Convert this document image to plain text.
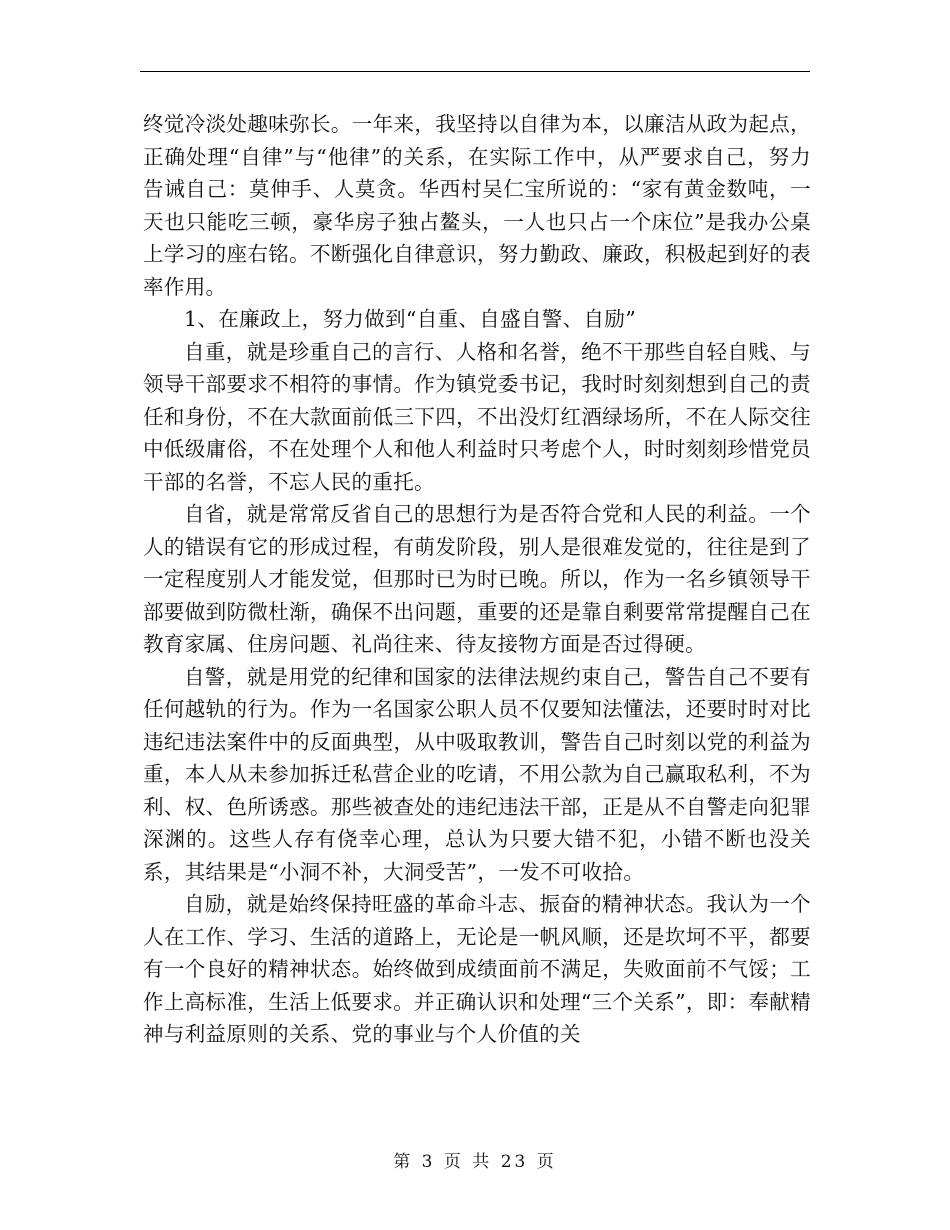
终觉冷淡处趣味弥长。一年来，我坚持以自律为本，以廉洁从政为起点，正确处理“自律”与“他律”的关系，在实际工作中，从严要求自己，努力告诫自己：莫伸手、人莫贪。华西村吴仁宝所说的：“家有黄金数吨，一天也只能吃三顿，豪华房子独占鳌头，一人也只占一个床位”是我办公桌上学习的座右铭。不断强化自律意识，努力勤政、廉政，积极起到好的表率作用。

1、在廉政上，努力做到“自重、自盛自警、自励”

自重，就是珍重自己的言行、人格和名誉，绝不干那些自轻自贱、与领导干部要求不相符的事情。作为镇党委书记，我时时刻刻想到自己的责任和身份，不在大款面前低三下四，不出没灯红酒绿场所，不在人际交往中低级庸俗，不在处理个人和他人利益时只考虑个人，时时刻刻珍惜党员干部的名誉，不忘人民的重托。

自省，就是常常反省自己的思想行为是否符合党和人民的利益。一个人的错误有它的形成过程，有萌发阶段，别人是很难发觉的，往往是到了一定程度别人才能发觉，但那时已为时已晚。所以，作为一名乡镇领导干部要做到防微杜渐，确保不出问题，重要的还是靠自剩要常常提醒自己在教育家属、住房问题、礼尚往来、待友接物方面是否过得硬。

自警，就是用党的纪律和国家的法律法规约束自己，警告自己不要有任何越轨的行为。作为一名国家公职人员不仅要知法懂法，还要时时对比违纪违法案件中的反面典型，从中吸取教训，警告自己时刻以党的利益为重，本人从未参加拆迁私营企业的吃请，不用公款为自己赢取私利，不为利、权、色所诱惑。那些被查处的违纪违法干部，正是从不自警走向犯罪深渊的。这些人存有侥幸心理，总认为只要大错不犯，小错不断也没关系，其结果是“小洞不补，大洞受苦”，一发不可收拾。

自励，就是始终保持旺盛的革命斗志、振奋的精神状态。我认为一个人在工作、学习、生活的道路上，无论是一帆风顺，还是坎坷不平，都要有一个良好的精神状态。始终做到成绩面前不满足，失败面前不气馁；工作上高标准，生活上低要求。并正确认识和处理“三个关系”，即：奉献精神与利益原则的关系、党的事业与个人价值的关

第 3 页 共 23 页
